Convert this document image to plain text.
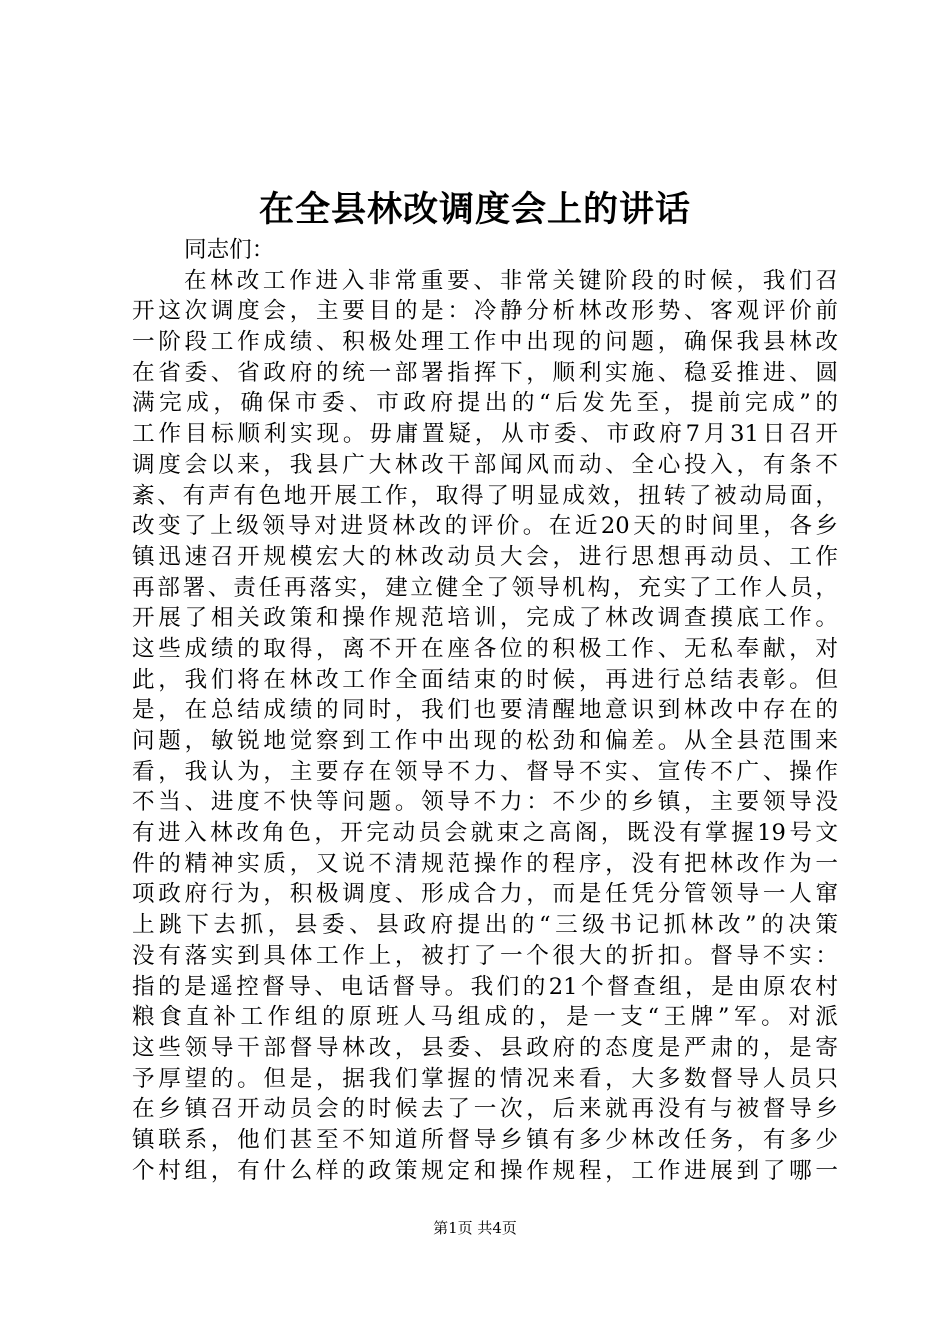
在全县林改调度会上的讲话
同志们：
在林改工作进入非常重要、非常关键阶段的时候，我们召
开这次调度会，主要目的是：冷静分析林改形势、客观评价前
一阶段工作成绩、积极处理工作中出现的问题，确保我县林改
在省委、省政府的统一部署指挥下，顺利实施、稳妥推进、圆
满完成，确保市委、市政府提出的“后发先至，提前完成”的
工作目标顺利实现。毋庸置疑，从市委、市政府7月31日召开
调度会以来，我县广大林改干部闻风而动、全心投入，有条不
紊、有声有色地开展工作，取得了明显成效，扭转了被动局面，
改变了上级领导对进贤林改的评价。在近20天的时间里，各乡
镇迅速召开规模宏大的林改动员大会，进行思想再动员、工作
再部署、责任再落实，建立健全了领导机构，充实了工作人员，
开展了相关政策和操作规范培训，完成了林改调查摸底工作。
这些成绩的取得，离不开在座各位的积极工作、无私奉献，对
此，我们将在林改工作全面结束的时候，再进行总结表彰。但
是，在总结成绩的同时，我们也要清醒地意识到林改中存在的
问题，敏锐地觉察到工作中出现的松劲和偏差。从全县范围来
看，我认为，主要存在领导不力、督导不实、宣传不广、操作
不当、进度不快等问题。领导不力：不少的乡镇，主要领导没
有进入林改角色，开完动员会就束之高阁，既没有掌握19号文
件的精神实质，又说不清规范操作的程序，没有把林改作为一
项政府行为，积极调度、形成合力，而是任凭分管领导一人窜
上跳下去抓，县委、县政府提出的“三级书记抓林改”的决策
没有落实到具体工作上，被打了一个很大的折扣。督导不实：
指的是遥控督导、电话督导。我们的21个督查组，是由原农村
粮食直补工作组的原班人马组成的，是一支“王牌”军。对派
这些领导干部督导林改，县委、县政府的态度是严肃的，是寄
予厚望的。但是，据我们掌握的情况来看，大多数督导人员只
在乡镇召开动员会的时候去了一次，后来就再没有与被督导乡
镇联系，他们甚至不知道所督导乡镇有多少林改任务，有多少
个村组，有什么样的政策规定和操作规程，工作进展到了哪一
第1页 共4页
